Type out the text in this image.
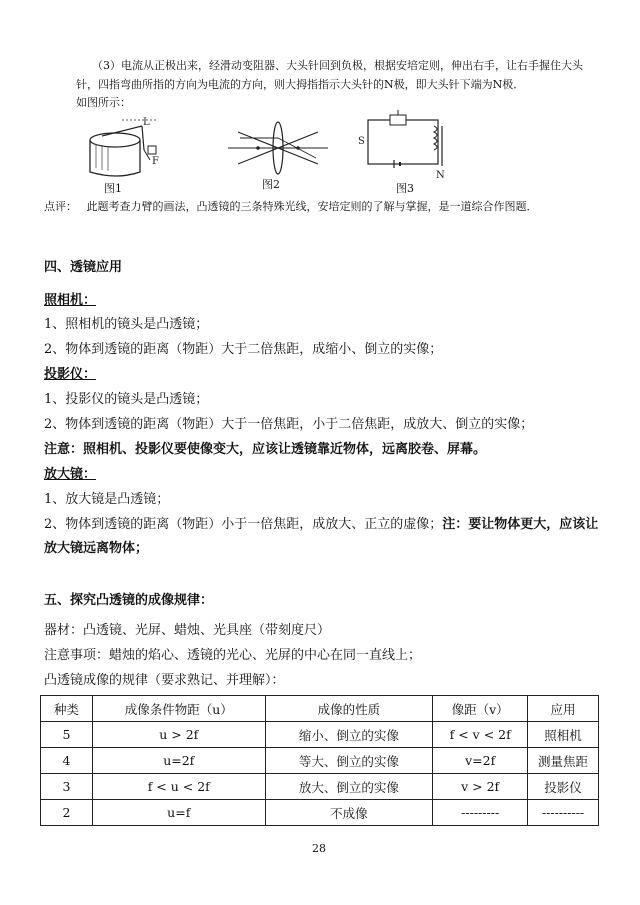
（3）电流从正极出来，经滑动变阻器、大头针回到负极，根据安培定则，伸出右手，让右手握住大头
针，四指弯曲所指的方向为电流的方向，则大拇指指示大头针的N极，即大头针下端为N极．
如图所示：
L
F
图1	图2
S
N
图3
点评： 此题考查力臂的画法，凸透镜的三条特殊光线，安培定则的了解与掌握，是一道综合作图题．
四、透镜应用
照相机：
1、照相机的镜头是凸透镜；
2、物体到透镜的距离（物距）大于二倍焦距，成缩小、倒立的实像；
投影仪：
1、投影仪的镜头是凸透镜；
2、物体到透镜的距离（物距）大于一倍焦距，小于二倍焦距，成放大、倒立的实像；
注意：照相机、投影仪要使像变大，应该让透镜靠近物体，远离胶卷、屏幕。
放大镜：
1、放大镜是凸透镜；
2、物体到透镜的距离（物距）小于一倍焦距，成放大、正立的虚像；注：要让物体更大，应该让
放大镜远离物体；
五、探究凸透镜的成像规律：
器材：凸透镜、光屏、蜡烛、光具座（带刻度尺）
注意事项：蜡烛的焰心、透镜的光心、光屏的中心在同一直线上；
凸透镜成像的规律（要求熟记、并理解）：
种类	成像条件物距（u）	成像的性质	像距（v）	应用
5	u > 2f	缩小、倒立的实像	f < v < 2f	照相机
4	u=2f	等大、倒立的实像	v=2f	测量焦距
3	f < u < 2f	放大、倒立的实像	v > 2f	投影仪
2	u=f	不成像	---------	----------
28
